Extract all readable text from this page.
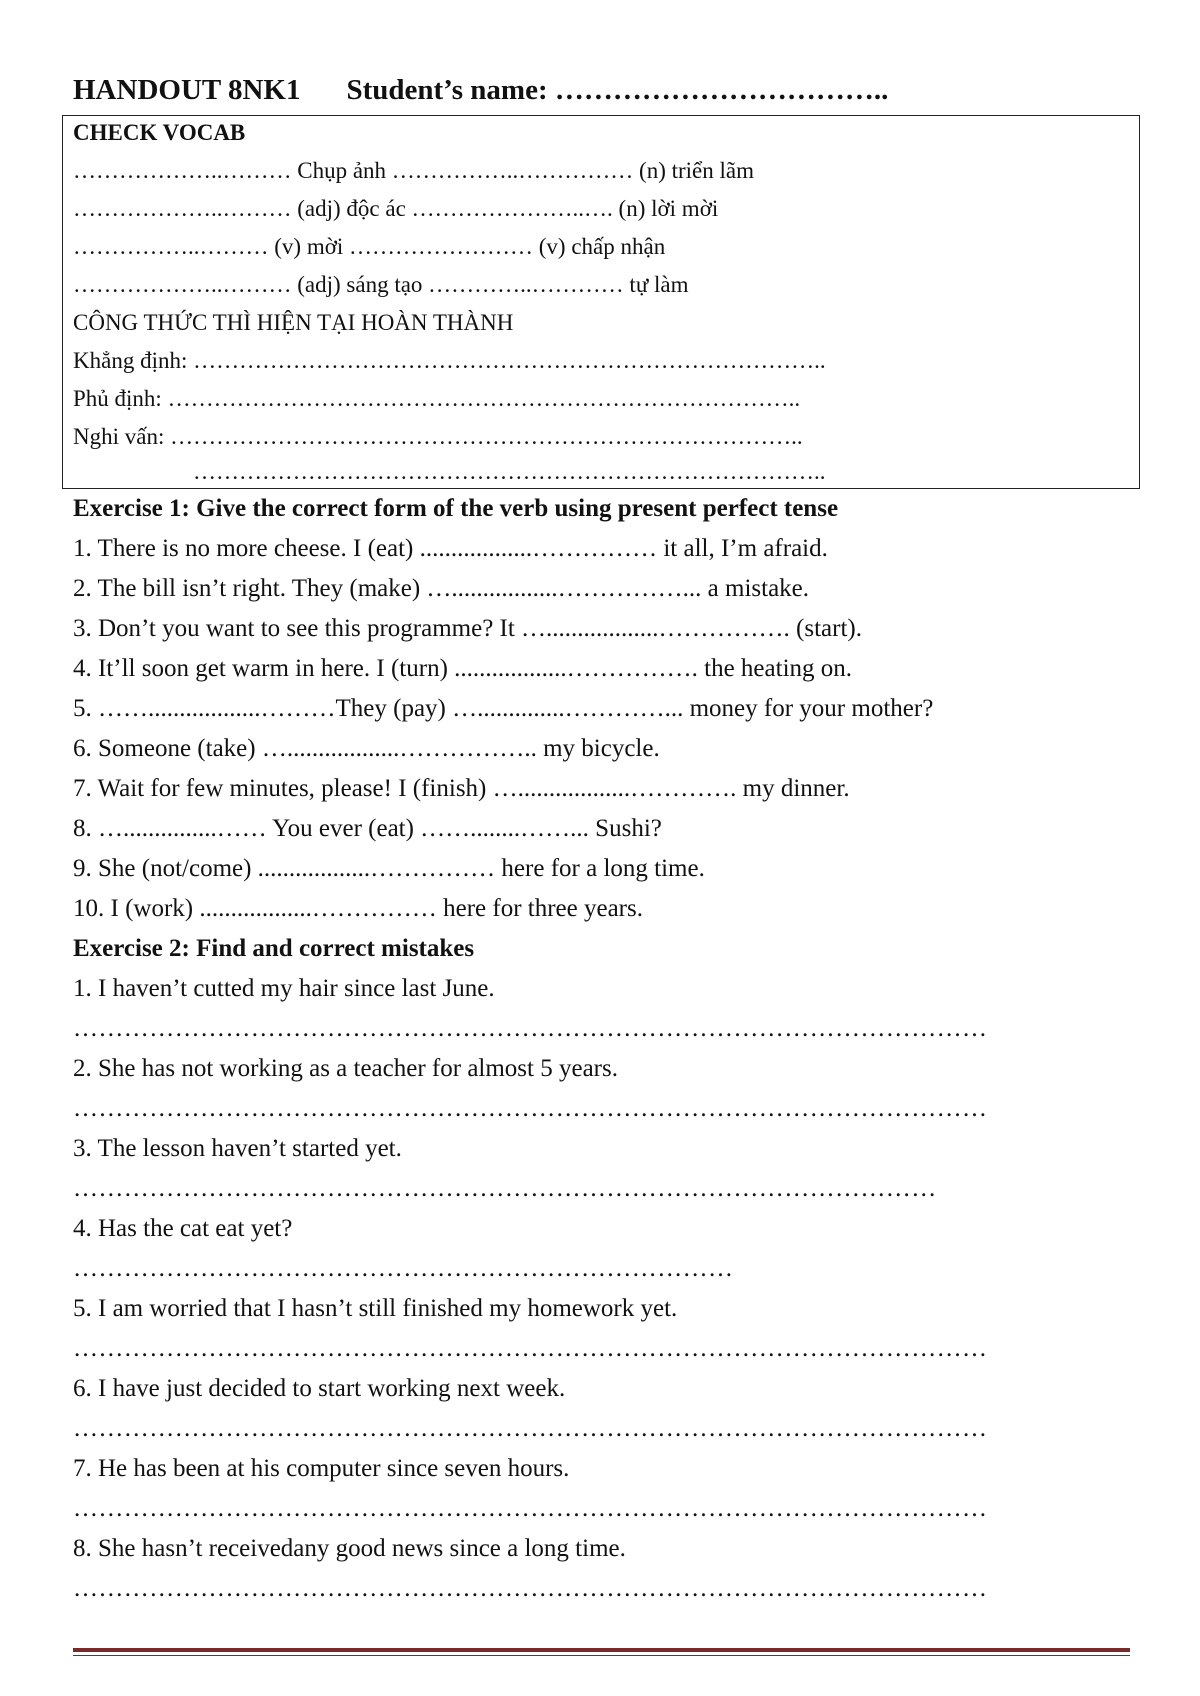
HANDOUT 8NK1 Student’s name: ……………………………..
CHECK VOCAB
………………..……… Chụp ảnh ……………..…………… (n) triển lãm
………………..……… (adj) độc ác …………………..…. (n) lời mời
……………..……… (v) mời …………………… (v) chấp nhận
………………..……… (adj) sáng tạo …………..………… tự làm
CÔNG THỨC THÌ HIỆN TẠI HOÀN THÀNH
Khẳng định: ………………………………………………………………………..
Phủ định: ………………………………………………………………………..
Nghi vấn: ………………………………………………………………………..
………………………………………………………………………..
Exercise 1: Give the correct form of the verb using present perfect tense
1. There is no more cheese. I (eat) ..................…………… it all, I’m afraid.
2. The bill isn’t right. They (make) ….................……………... a mistake.
3. Don’t you want to see this programme? It …..................……………. (start).
4. It’ll soon get warm in here. I (turn) ..................……………. the heating on.
5. ……..................………They (pay) …..............…………... money for your mother?
6. Someone (take) …..................…………….. my bicycle.
7. Wait for few minutes, please! I (finish) …..................…………. my dinner.
8. …...............…… You ever (eat) ……........……... Sushi?
9. She (not/come) ..................…………… here for a long time.
10. I (work) ..................…………… here for three years.
Exercise 2: Find and correct mistakes
1. I haven’t cutted my hair since last June.
………………………………………………………………………………………………
2. She has not working as a teacher for almost 5 years.
………………………………………………………………………………………………
3. The lesson haven’t started yet.
…………………………………………………………………………………………
4. Has the cat eat yet?
……………………………………………………………………
5. I am worried that I hasn’t still finished my homework yet.
………………………………………………………………………………………………
6. I have just decided to start working next week.
………………………………………………………………………………………………
7. He has been at his computer since seven hours.
………………………………………………………………………………………………
8. She hasn’t receivedany good news since a long time.
………………………………………………………………………………………………
